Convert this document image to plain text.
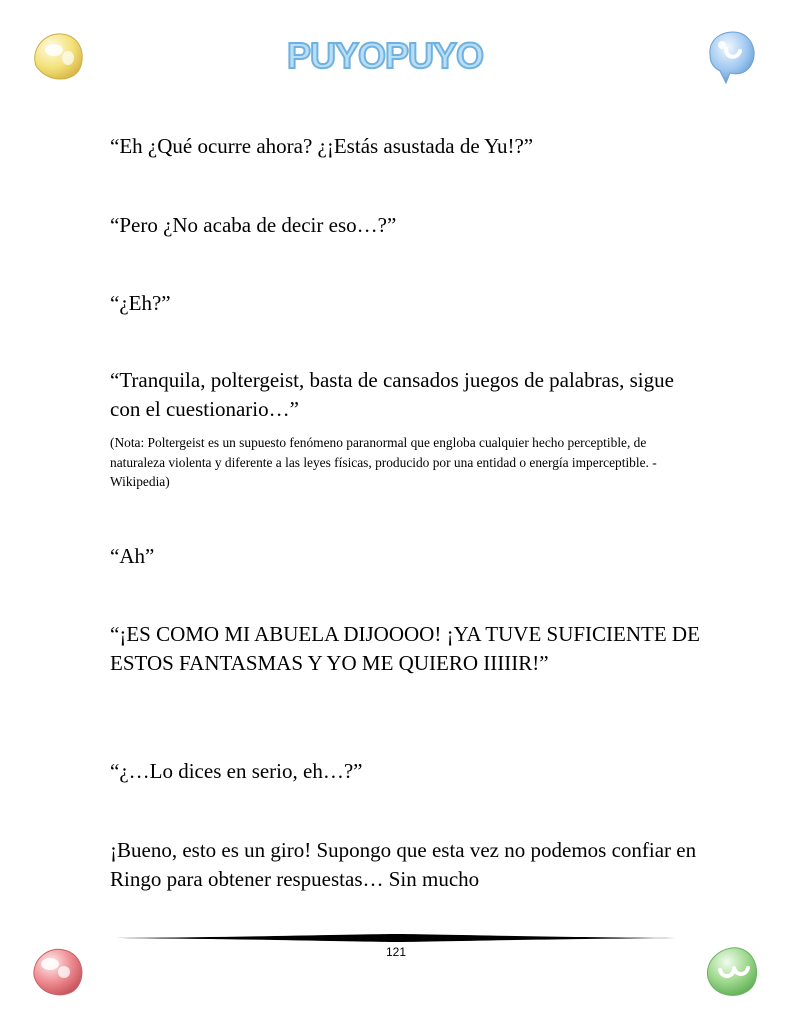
PUYOPUYO

“Eh ¿Qué ocurre ahora? ¿¡Estás asustada de Yu!?”

“Pero ¿No acaba de decir eso…?”

“¿Eh?”

“Tranquila, poltergeist, basta de cansados juegos de palabras, sigue con el cuestionario…”

(Nota: Poltergeist es un supuesto fenómeno paranormal que engloba cualquier hecho perceptible, de naturaleza violenta y diferente a las leyes físicas, producido por una entidad o energía imperceptible. -Wikipedia)

“Ah”

“¡ES COMO MI ABUELA DIJOOOO! ¡YA TUVE SUFICIENTE DE ESTOS FANTASMAS Y YO ME QUIERO IIIIIR!”

“¿…Lo dices en serio, eh…?”

¡Bueno, esto es un giro! Supongo que esta vez no podemos confiar en Ringo para obtener respuestas… Sin mucho

121
